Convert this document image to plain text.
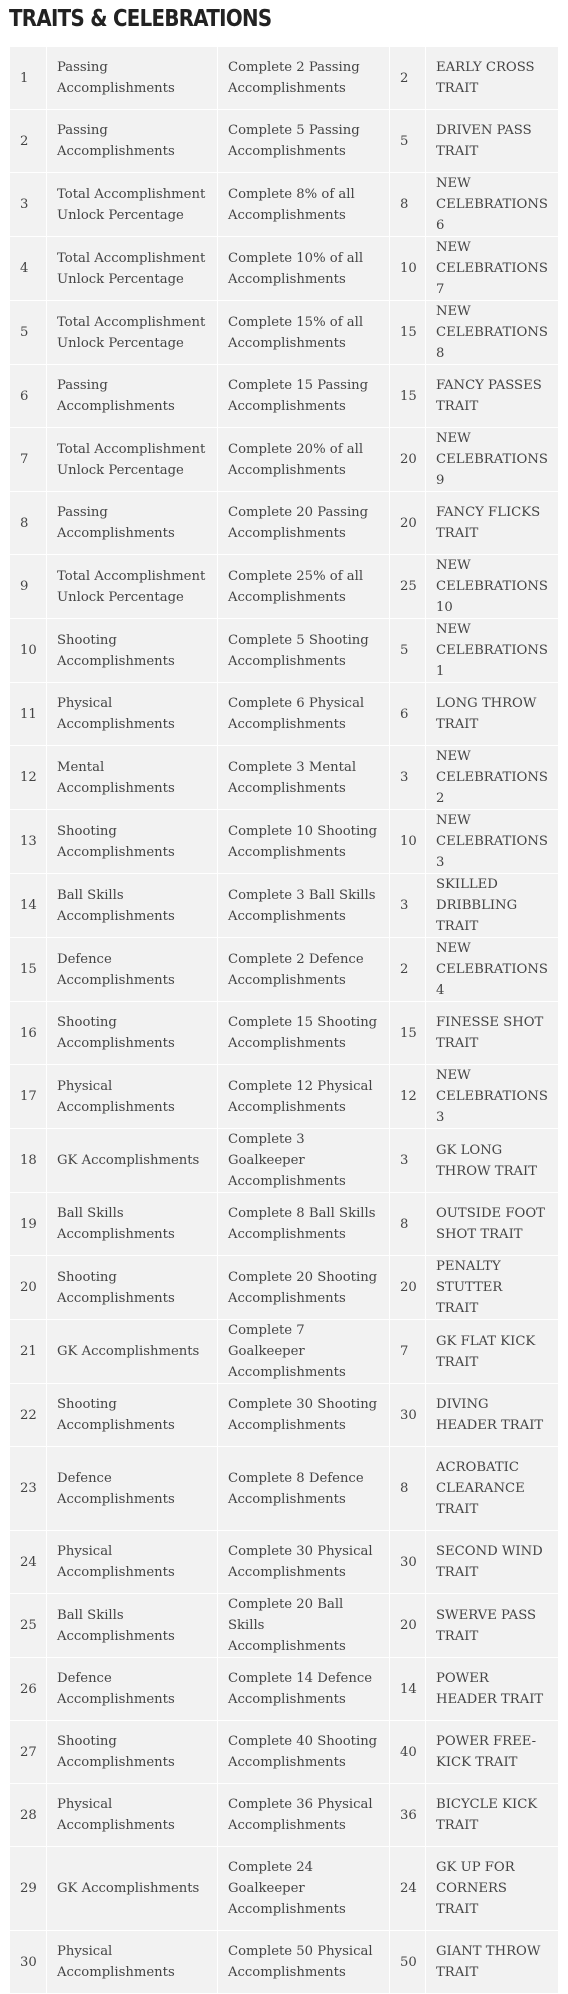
TRAITS & CELEBRATIONS
1	Passing Accomplishments	Complete 2 Passing Accomplishments	2	EARLY CROSS TRAIT
2	Passing Accomplishments	Complete 5 Passing Accomplishments	5	DRIVEN PASS TRAIT
3	Total Accomplishment Unlock Percentage	Complete 8% of all Accomplishments	8	NEW CELEBRATIONS 6
4	Total Accomplishment Unlock Percentage	Complete 10% of all Accomplishments	10	NEW CELEBRATIONS 7
5	Total Accomplishment Unlock Percentage	Complete 15% of all Accomplishments	15	NEW CELEBRATIONS 8
6	Passing Accomplishments	Complete 15 Passing Accomplishments	15	FANCY PASSES TRAIT
7	Total Accomplishment Unlock Percentage	Complete 20% of all Accomplishments	20	NEW CELEBRATIONS 9
8	Passing Accomplishments	Complete 20 Passing Accomplishments	20	FANCY FLICKS TRAIT
9	Total Accomplishment Unlock Percentage	Complete 25% of all Accomplishments	25	NEW CELEBRATIONS 10
10	Shooting Accomplishments	Complete 5 Shooting Accomplishments	5	NEW CELEBRATIONS 1
11	Physical Accomplishments	Complete 6 Physical Accomplishments	6	LONG THROW TRAIT
12	Mental Accomplishments	Complete 3 Mental Accomplishments	3	NEW CELEBRATIONS 2
13	Shooting Accomplishments	Complete 10 Shooting Accomplishments	10	NEW CELEBRATIONS 3
14	Ball Skills Accomplishments	Complete 3 Ball Skills Accomplishments	3	SKILLED DRIBBLING TRAIT
15	Defence Accomplishments	Complete 2 Defence Accomplishments	2	NEW CELEBRATIONS 4
16	Shooting Accomplishments	Complete 15 Shooting Accomplishments	15	FINESSE SHOT TRAIT
17	Physical Accomplishments	Complete 12 Physical Accomplishments	12	NEW CELEBRATIONS 3
18	GK Accomplishments	Complete 3 Goalkeeper Accomplishments	3	GK LONG THROW TRAIT
19	Ball Skills Accomplishments	Complete 8 Ball Skills Accomplishments	8	OUTSIDE FOOT SHOT TRAIT
20	Shooting Accomplishments	Complete 20 Shooting Accomplishments	20	PENALTY STUTTER TRAIT
21	GK Accomplishments	Complete 7 Goalkeeper Accomplishments	7	GK FLAT KICK TRAIT
22	Shooting Accomplishments	Complete 30 Shooting Accomplishments	30	DIVING HEADER TRAIT
23	Defence Accomplishments	Complete 8 Defence Accomplishments	8	ACROBATIC CLEARANCE TRAIT
24	Physical Accomplishments	Complete 30 Physical Accomplishments	30	SECOND WIND TRAIT
25	Ball Skills Accomplishments	Complete 20 Ball Skills Accomplishments	20	SWERVE PASS TRAIT
26	Defence Accomplishments	Complete 14 Defence Accomplishments	14	POWER HEADER TRAIT
27	Shooting Accomplishments	Complete 40 Shooting Accomplishments	40	POWER FREE-KICK TRAIT
28	Physical Accomplishments	Complete 36 Physical Accomplishments	36	BICYCLE KICK TRAIT
29	GK Accomplishments	Complete 24 Goalkeeper Accomplishments	24	GK UP FOR CORNERS TRAIT
30	Physical Accomplishments	Complete 50 Physical Accomplishments	50	GIANT THROW TRAIT
